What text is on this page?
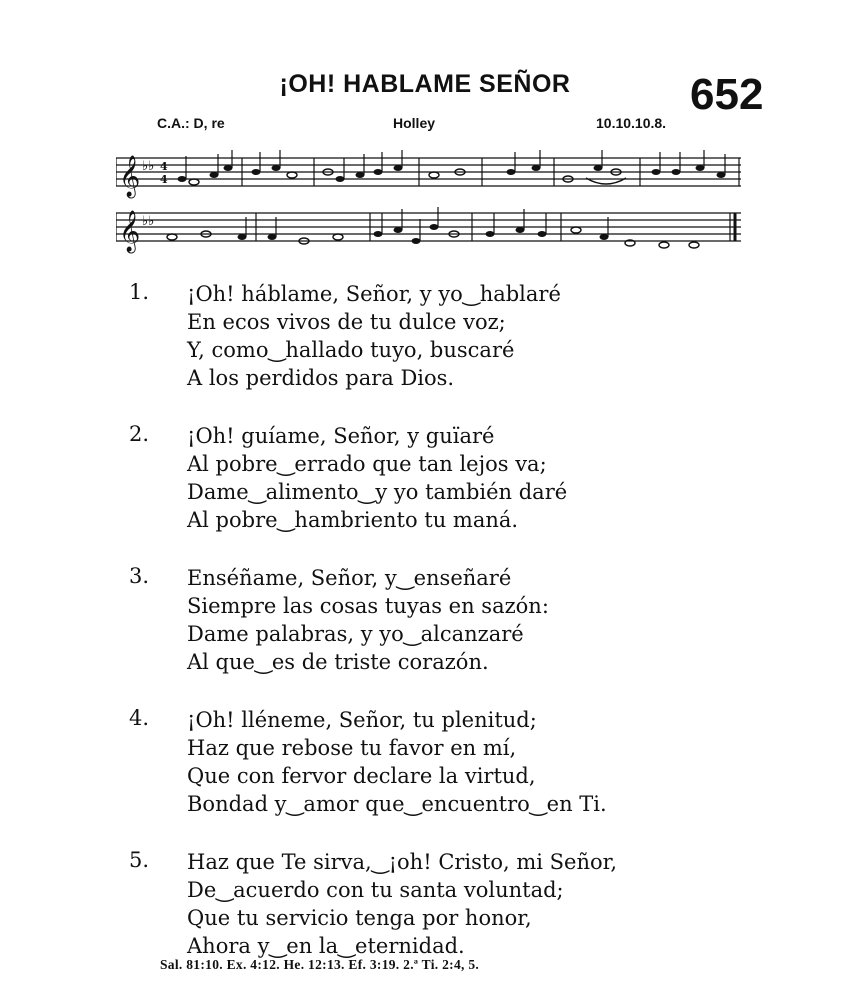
¡OH! HABLAME SEÑOR	652
C.A.: D, re	Holley	10.10.10.8.
𝄞 ♭♭ 4
4
𝄞 ♭♭
1. ¡Oh! háblame, Señor, y yo‿hablaré
En ecos vivos de tu dulce voz;
Y, como‿hallado tuyo, buscaré
A los perdidos para Dios.
2. ¡Oh! guíame, Señor, y guïaré
Al pobre‿errado que tan lejos va;
Dame‿alimento‿y yo también daré
Al pobre‿hambriento tu maná.
3. Enséñame, Señor, y‿enseñaré
Siempre las cosas tuyas en sazón:
Dame palabras, y yo‿alcanzaré
Al que‿es de triste corazón.
4. ¡Oh! lléneme, Señor, tu plenitud;
Haz que rebose tu favor en mí,
Que con fervor declare la virtud,
Bondad y‿amor que‿encuentro‿en Ti.
5. Haz que Te sirva,‿¡oh! Cristo, mi Señor,
De‿acuerdo con tu santa voluntad;
Que tu servicio tenga por honor,
Ahora y‿en la‿eternidad.
Sal. 81:10. Ex. 4:12. He. 12:13. Ef. 3:19. 2.ª Ti. 2:4, 5.
